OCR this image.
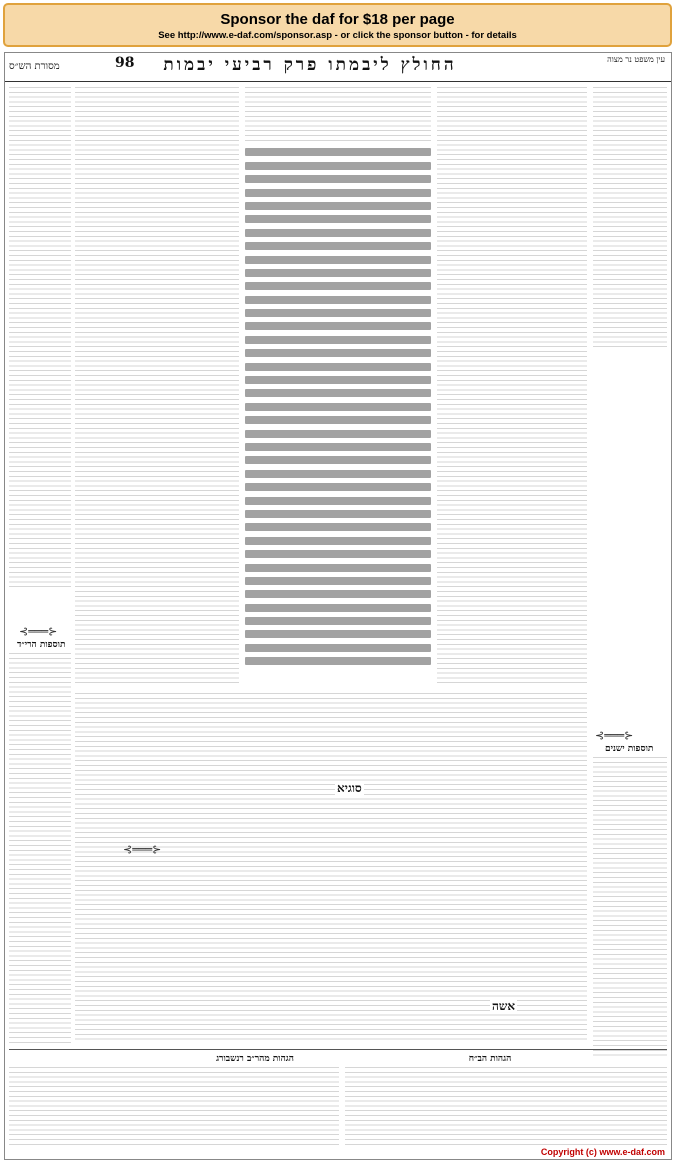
Sponsor the daf for $18 per page
See http://www.e-daf.com/sponsor.asp - or click the sponsor button - for details
מסורת הש״ס	98	החולץ ליבמתו פרק רביעי יבמות	עין משפט נר מצוה
תוספות ישנים
תוספות הרי״ד
⊰═══⊱
⊰═══⊱
⊰═══⊱
סוגיא
אשה
הגהות הב״ח
הגהות מהר״ב רנשבורג
Copyright (c) www.e-daf.com
